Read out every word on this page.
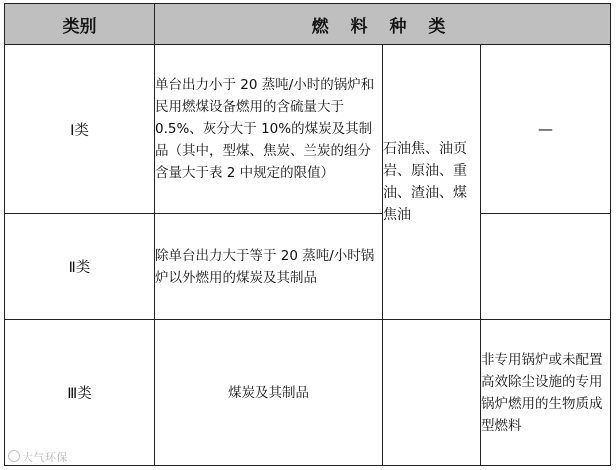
类别	燃 料 种 类		
Ⅰ类	单台出力小于 20 蒸吨/小时的锅炉和民用燃煤设备燃用的含硫量大于 0.5%、灰分大于 10%的煤炭及其制品（其中，型煤、焦炭、兰炭的组分含量大于表 2 中规定的限值）	石油焦、油页岩、原油、重油、渣油、煤焦油	—
Ⅱ类	除单台出力大于等于 20 蒸吨/小时锅炉以外燃用的煤炭及其制品		
Ⅲ类	煤炭及其制品		非专用锅炉或未配置高效除尘设施的专用锅炉燃用的生物质成型燃料
大气环保
